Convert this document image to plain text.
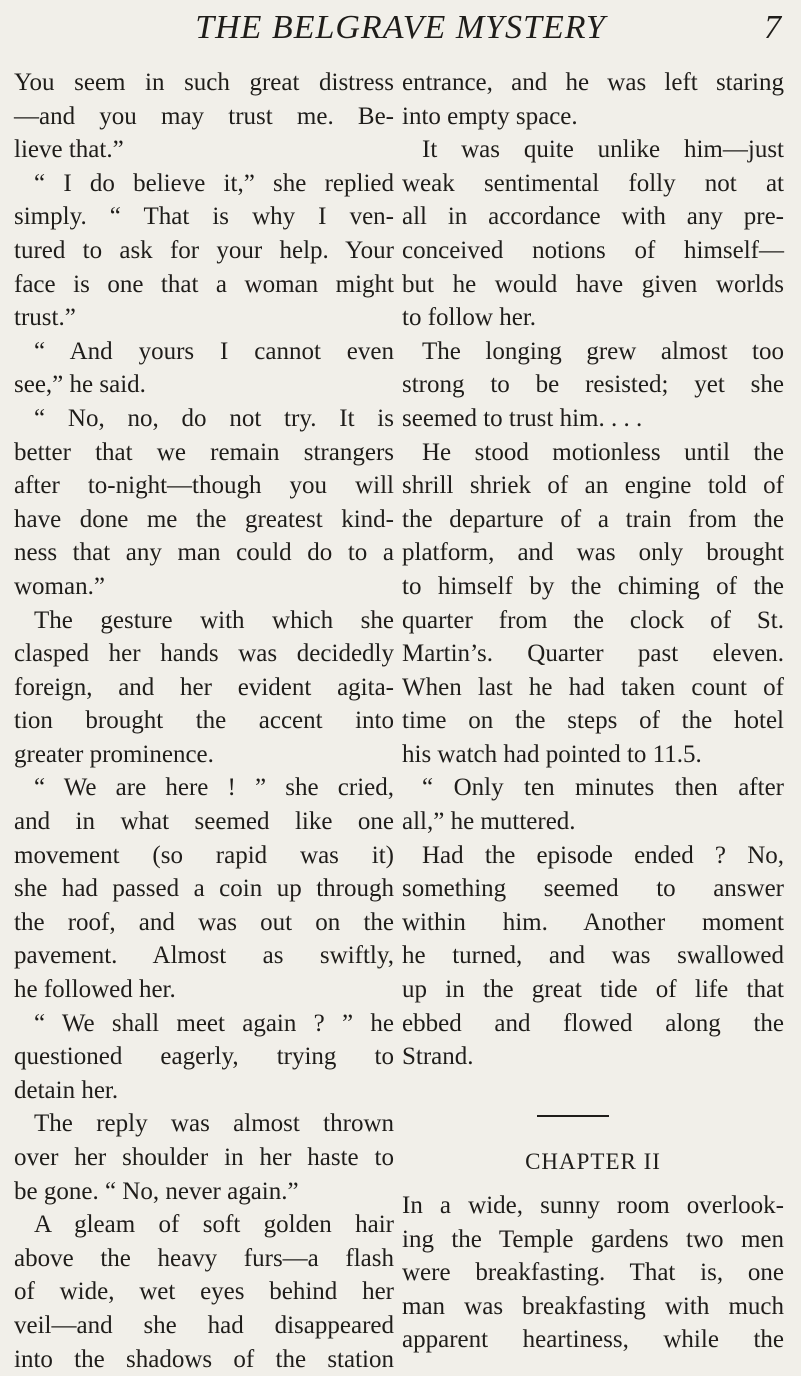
THE BELGRAVE MYSTERY	7
You seem in such great distress
—and you may trust me. Be-
lieve that.”
“ I do believe it,” she replied
simply. “ That is why I ven-
tured to ask for your help. Your
face is one that a woman might
trust.”
“ And yours I cannot even
see,” he said.
“ No, no, do not try. It is
better that we remain strangers
after to-night—though you will
have done me the greatest kind-
ness that any man could do to a
woman.”
The gesture with which she
clasped her hands was decidedly
foreign, and her evident agita-
tion brought the accent into
greater prominence.
“ We are here ! ” she cried,
and in what seemed like one
movement (so rapid was it)
she had passed a coin up through
the roof, and was out on the
pavement. Almost as swiftly,
he followed her.
“ We shall meet again ? ” he
questioned eagerly, trying to
detain her.
The reply was almost thrown
over her shoulder in her haste to
be gone. “ No, never again.”
A gleam of soft golden hair
above the heavy furs—a flash
of wide, wet eyes behind her
veil—and she had disappeared
into the shadows of the station
entrance, and he was left staring
into empty space.
It was quite unlike him—just
weak sentimental folly not at
all in accordance with any pre-
conceived notions of himself—
but he would have given worlds
to follow her.
The longing grew almost too
strong to be resisted; yet she
seemed to trust him. . . .
He stood motionless until the
shrill shriek of an engine told of
the departure of a train from the
platform, and was only brought
to himself by the chiming of the
quarter from the clock of St.
Martin’s. Quarter past eleven.
When last he had taken count of
time on the steps of the hotel
his watch had pointed to 11.5.
“ Only ten minutes then after
all,” he muttered.
Had the episode ended ? No,
something seemed to answer
within him. Another moment
he turned, and was swallowed
up in the great tide of life that
ebbed and flowed along the
Strand.
CHAPTER II
In a wide, sunny room overlook-
ing the Temple gardens two men
were breakfasting. That is, one
man was breakfasting with much
apparent heartiness, while the
